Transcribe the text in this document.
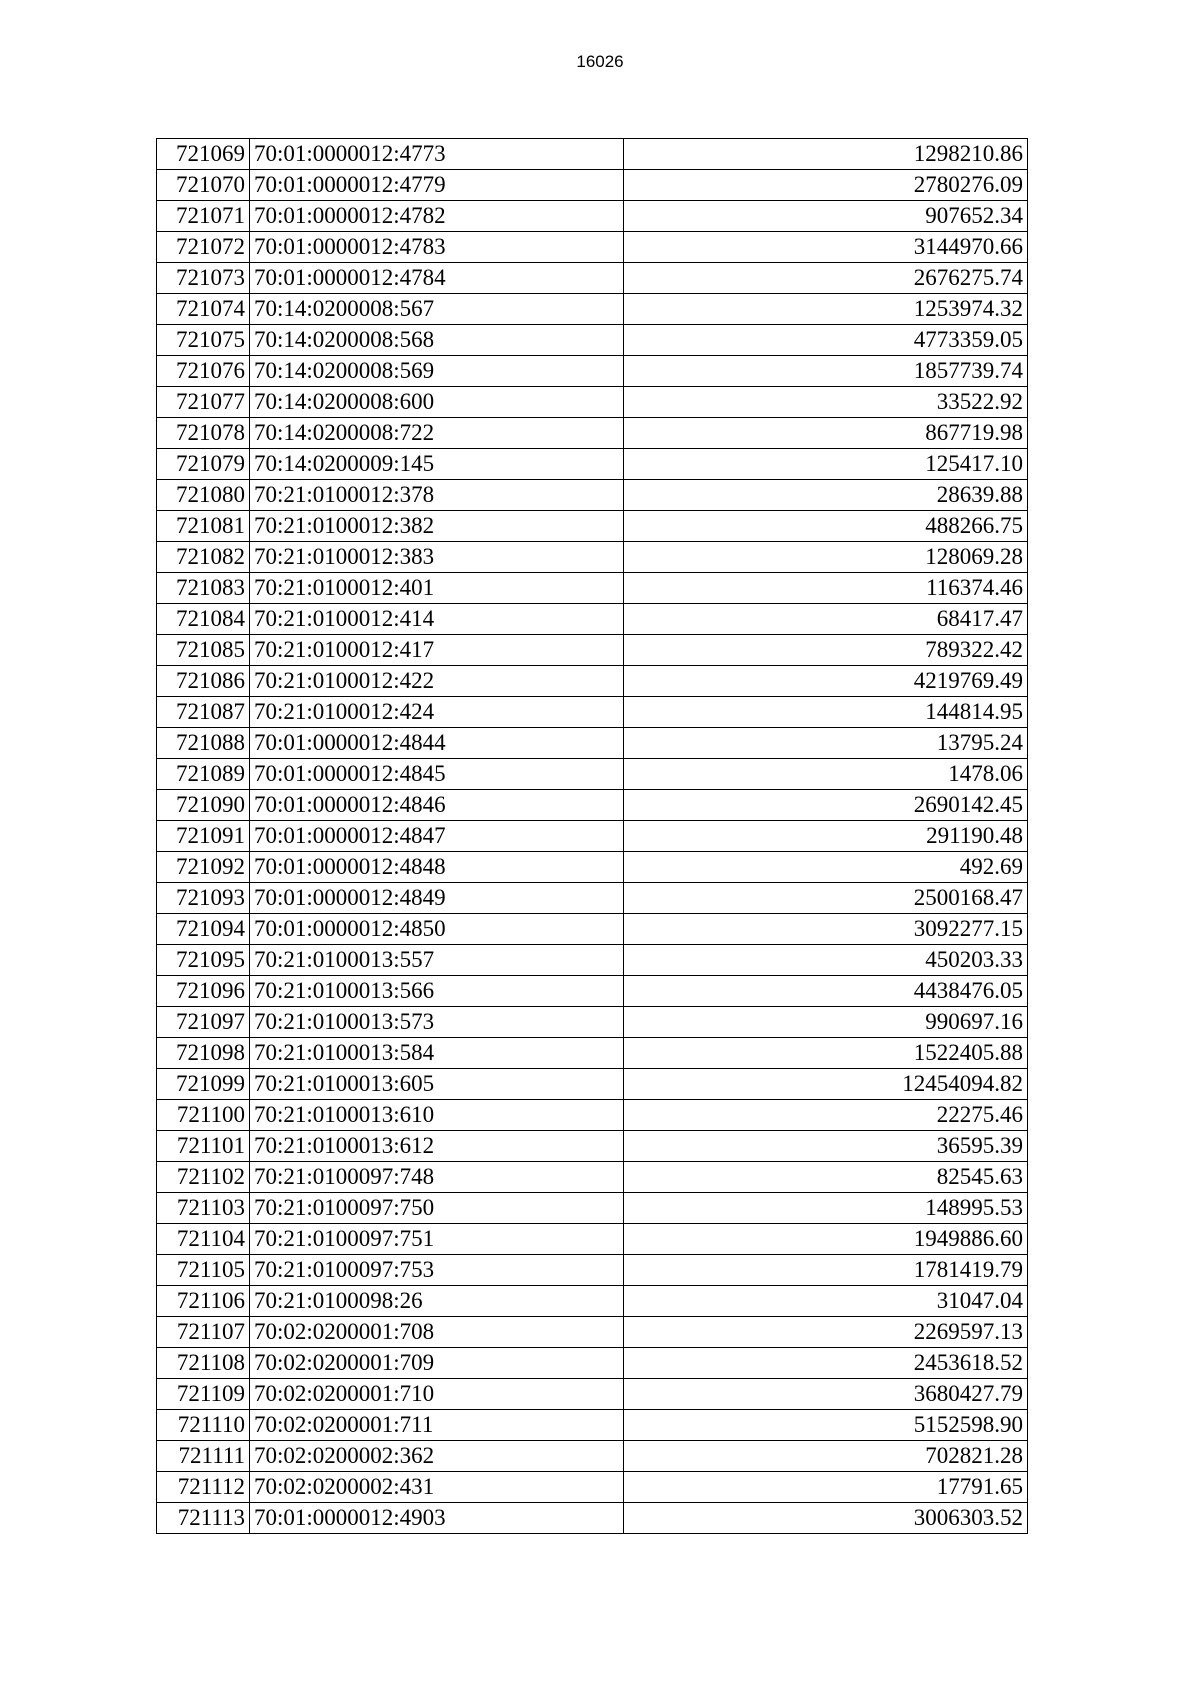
16026
721069	70:01:0000012:4773	1298210.86
721070	70:01:0000012:4779	2780276.09
721071	70:01:0000012:4782	907652.34
721072	70:01:0000012:4783	3144970.66
721073	70:01:0000012:4784	2676275.74
721074	70:14:0200008:567	1253974.32
721075	70:14:0200008:568	4773359.05
721076	70:14:0200008:569	1857739.74
721077	70:14:0200008:600	33522.92
721078	70:14:0200008:722	867719.98
721079	70:14:0200009:145	125417.10
721080	70:21:0100012:378	28639.88
721081	70:21:0100012:382	488266.75
721082	70:21:0100012:383	128069.28
721083	70:21:0100012:401	116374.46
721084	70:21:0100012:414	68417.47
721085	70:21:0100012:417	789322.42
721086	70:21:0100012:422	4219769.49
721087	70:21:0100012:424	144814.95
721088	70:01:0000012:4844	13795.24
721089	70:01:0000012:4845	1478.06
721090	70:01:0000012:4846	2690142.45
721091	70:01:0000012:4847	291190.48
721092	70:01:0000012:4848	492.69
721093	70:01:0000012:4849	2500168.47
721094	70:01:0000012:4850	3092277.15
721095	70:21:0100013:557	450203.33
721096	70:21:0100013:566	4438476.05
721097	70:21:0100013:573	990697.16
721098	70:21:0100013:584	1522405.88
721099	70:21:0100013:605	12454094.82
721100	70:21:0100013:610	22275.46
721101	70:21:0100013:612	36595.39
721102	70:21:0100097:748	82545.63
721103	70:21:0100097:750	148995.53
721104	70:21:0100097:751	1949886.60
721105	70:21:0100097:753	1781419.79
721106	70:21:0100098:26	31047.04
721107	70:02:0200001:708	2269597.13
721108	70:02:0200001:709	2453618.52
721109	70:02:0200001:710	3680427.79
721110	70:02:0200001:711	5152598.90
721111	70:02:0200002:362	702821.28
721112	70:02:0200002:431	17791.65
721113	70:01:0000012:4903	3006303.52
